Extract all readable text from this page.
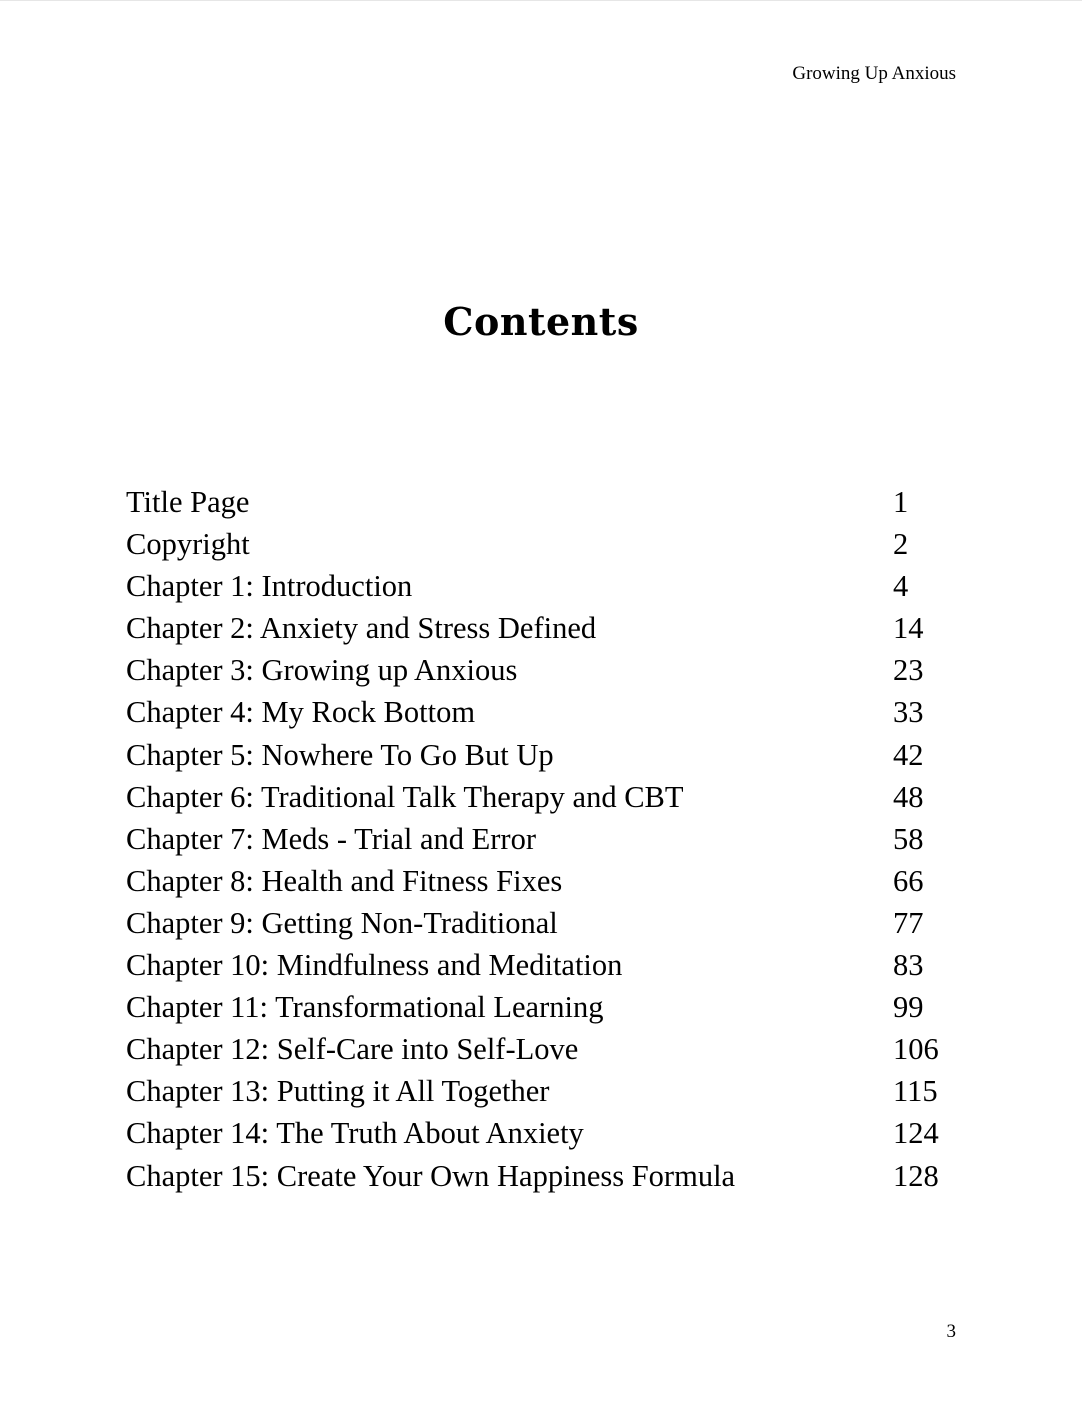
Growing Up Anxious
Contents
Title Page	1
Copyright	2
Chapter 1: Introduction	4
Chapter 2: Anxiety and Stress Defined	14
Chapter 3: Growing up Anxious	23
Chapter 4: My Rock Bottom	33
Chapter 5: Nowhere To Go But Up	42
Chapter 6: Traditional Talk Therapy and CBT	48
Chapter 7: Meds - Trial and Error	58
Chapter 8: Health and Fitness Fixes	66
Chapter 9: Getting Non-Traditional	77
Chapter 10: Mindfulness and Meditation	83
Chapter 11: Transformational Learning	99
Chapter 12: Self-Care into Self-Love	106
Chapter 13: Putting it All Together	115
Chapter 14: The Truth About Anxiety	124
Chapter 15: Create Your Own Happiness Formula	128
3
